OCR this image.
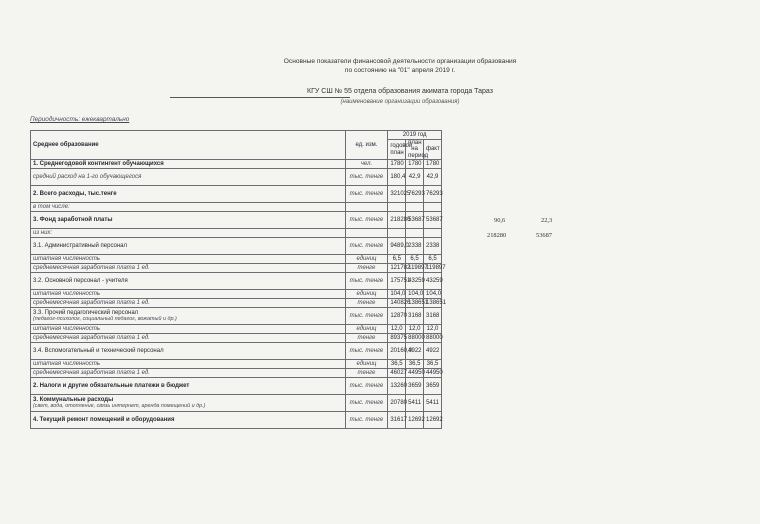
Основные показатели финансовой деятельности организации образования
по состоянию на "01" апреля 2019 г.
КГУ СШ № 55 отдела образования акимата города Тараз
(наименование организации образования)
Периодичность: ежеквартально
Среднее образование	ед. изм.	2019 год		
		годовой план	план на период	факт

1. Среднегодовой контингент обучающихся	чел.	1780	1780	1780
средний расход на 1-го обучающегося	тыс. тенге	180,4	42,9	42,9
2. Всего расходы, тыс.тенге	тыс. тенге	321025	76293	76293
в том числе:				
3. Фонд заработной платы	тыс. тенге	218280	53687	53687
из них:				
3.1. Административный персонал	тыс. тенге	9489,0	2338	2338
штатная численность	единиц	6,5	6,5	6,5
среднемесячная заработная плата 1 ед.	тенге	121782	119897	119897
3.2. Основной персонал - учителя	тыс. тенге	175751	43259	43259
штатная численность	единиц	104,0	104,0	104,0
среднемесячная заработная плата 1 ед.	тенге	140826	138651	138651
3.3. Прочий педагогический персонал
(педагог-психолог, социальный педагог, вожатый и др.)	тыс. тенге	12870	3168	3168
штатная численность	единиц	12,0	12,0	12,0
среднемесячная заработная плата 1 ед.	тенге	89375	88000	88000
3.4. Вспомогательный и технический персонал	тыс. тенге	20160,0	4922	4922
штатная численность	единиц	36,5	36,5	36,5
среднемесячная заработная плата 1 ед.	тенге	46027	44950	44950
2. Налоги и другие обязательные платежи в бюджет	тыс. тенге	13260	3659	3659
3. Коммунальные расходы
(свет, вода, отопление, связь интернет, аренда помещений и др.)	тыс. тенге	20780	5411	5411
4. Текущий ремонт помещений и оборудования	тыс. тенге	31617	12692	12692
90,6	22,3
218280	53687
